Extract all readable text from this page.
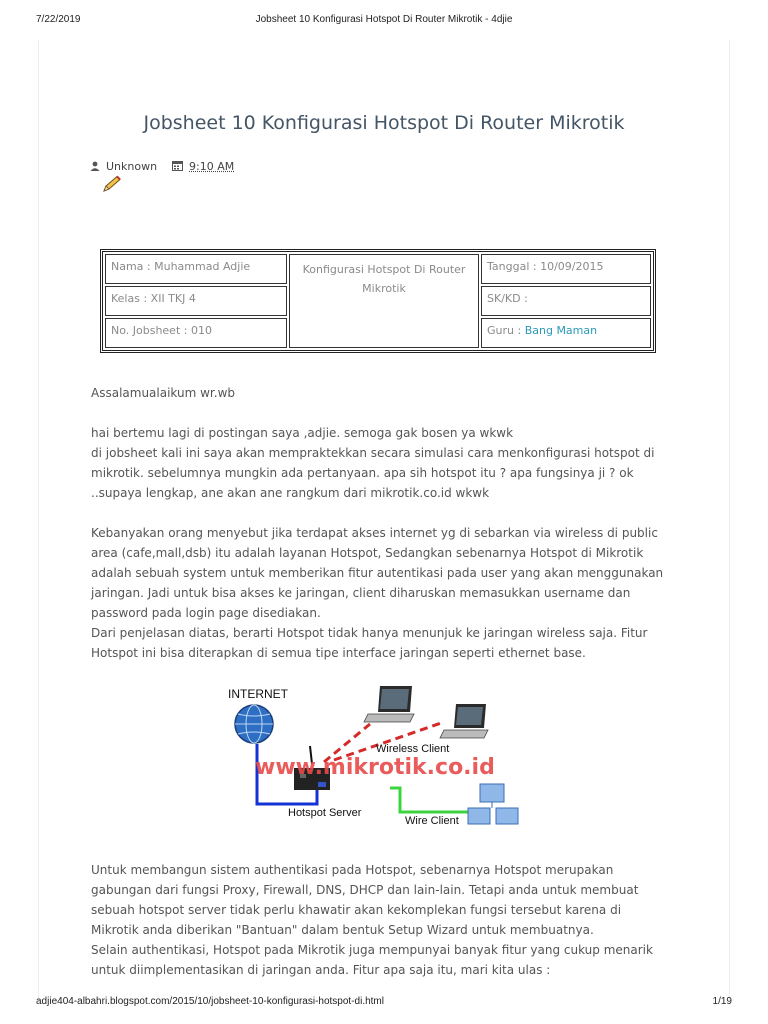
7/22/2019	Jobsheet 10 Konfigurasi Hotspot Di Router Mikrotik - 4djie
Jobsheet 10 Konfigurasi Hotspot Di Router Mikrotik
Unknown	9:10 AM
Nama : Muhammad Adjie	Konfigurasi Hotspot Di Router Mikrotik	Tanggal : 10/09/2015
Kelas : XII TKJ 4		SK/KD :
No. Jobsheet : 010		Guru : Bang Maman

Assalamualaikum wr.wb

hai bertemu lagi di postingan saya ,adjie. semoga gak bosen ya wkwk

di jobsheet kali ini saya akan mempraktekkan secara simulasi cara menkonfigurasi hotspot di mikrotik. sebelumnya mungkin ada pertanyaan. apa sih hotspot itu ? apa fungsinya ji ? ok ..supaya lengkap, ane akan ane rangkum dari mikrotik.co.id wkwk

Kebanyakan orang menyebut jika terdapat akses internet yg di sebarkan via wireless di public area (cafe,mall,dsb) itu adalah layanan Hotspot, Sedangkan sebenarnya Hotspot di Mikrotik adalah sebuah system untuk memberikan fitur autentikasi pada user yang akan menggunakan jaringan. Jadi untuk bisa akses ke jaringan, client diharuskan memasukkan username dan password pada login page disediakan.

Dari penjelasan diatas, berarti Hotspot tidak hanya menunjuk ke jaringan wireless saja. Fitur Hotspot ini bisa diterapkan di semua tipe interface jaringan seperti ethernet base.

INTERNET
Wireless Client
www.mikrotik.co.id
Hotspot Server
Wire Client

Untuk membangun sistem authentikasi pada Hotspot, sebenarnya Hotspot merupakan gabungan dari fungsi Proxy, Firewall, DNS, DHCP dan lain-lain. Tetapi anda untuk membuat sebuah hotspot server tidak perlu khawatir akan kekomplekan fungsi tersebut karena di Mikrotik anda diberikan "Bantuan" dalam bentuk Setup Wizard untuk membuatnya.

Selain authentikasi, Hotspot pada Mikrotik juga mempunyai banyak fitur yang cukup menarik untuk diimplementasikan di jaringan anda. Fitur apa saja itu, mari kita ulas :

adjie404-albahri.blogspot.com/2015/10/jobsheet-10-konfigurasi-hotspot-di.html	1/19
